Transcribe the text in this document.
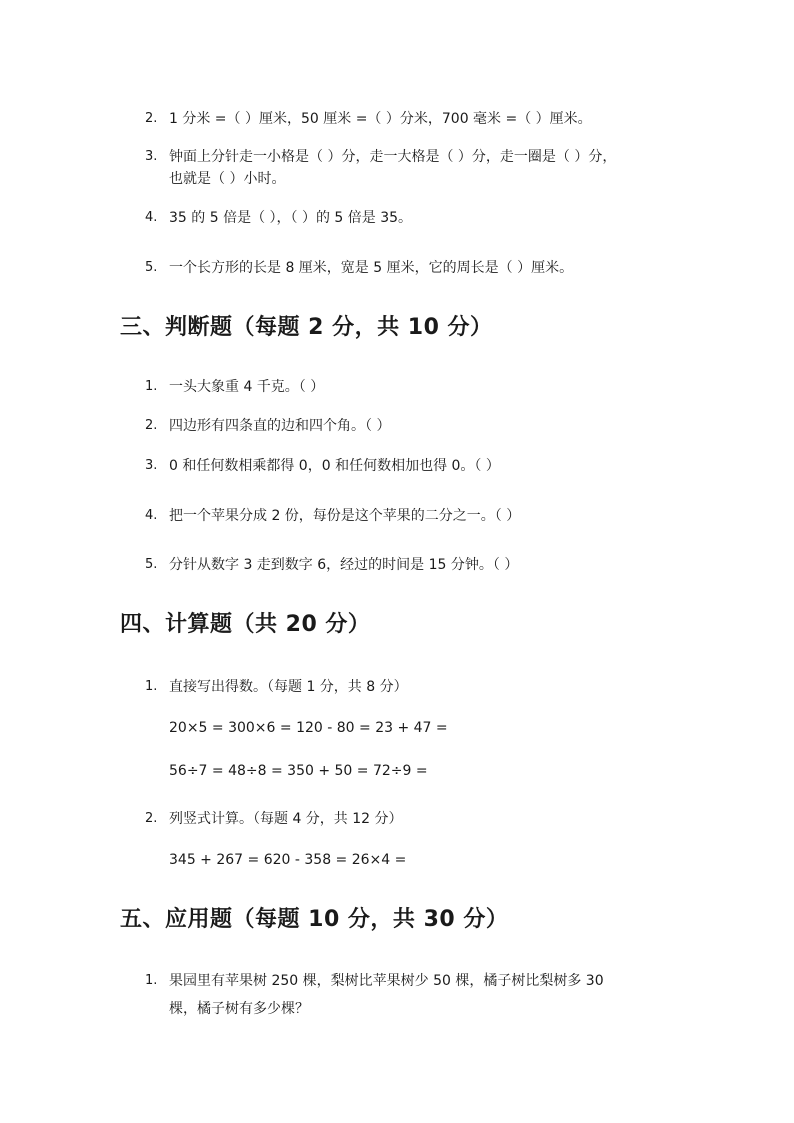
2. 1 分米 =（ ）厘米，50 厘米 =（ ）分米，700 毫米 =（ ）厘米。
3. 钟面上分针走一小格是（ ）分，走一大格是（ ）分，走一圈是（ ）分，
也就是（ ）小时。
4. 35 的 5 倍是（ ），（ ）的 5 倍是 35。
5. 一个长方形的长是 8 厘米，宽是 5 厘米，它的周长是（ ）厘米。
三、判断题（每题 2 分，共 10 分）
1. 一头大象重 4 千克。（ ）
2. 四边形有四条直的边和四个角。（ ）
3. 0 和任何数相乘都得 0，0 和任何数相加也得 0。（ ）
4. 把一个苹果分成 2 份，每份是这个苹果的二分之一。（ ）
5. 分针从数字 3 走到数字 6，经过的时间是 15 分钟。（ ）
四、计算题（共 20 分）
1. 直接写出得数。（每题 1 分，共 8 分）
20×5 = 300×6 = 120 - 80 = 23 + 47 =
56÷7 = 48÷8 = 350 + 50 = 72÷9 =
2. 列竖式计算。（每题 4 分，共 12 分）
345 + 267 = 620 - 358 = 26×4 =
五、应用题（每题 10 分，共 30 分）
1. 果园里有苹果树 250 棵，梨树比苹果树少 50 棵，橘子树比梨树多 30
棵，橘子树有多少棵？
